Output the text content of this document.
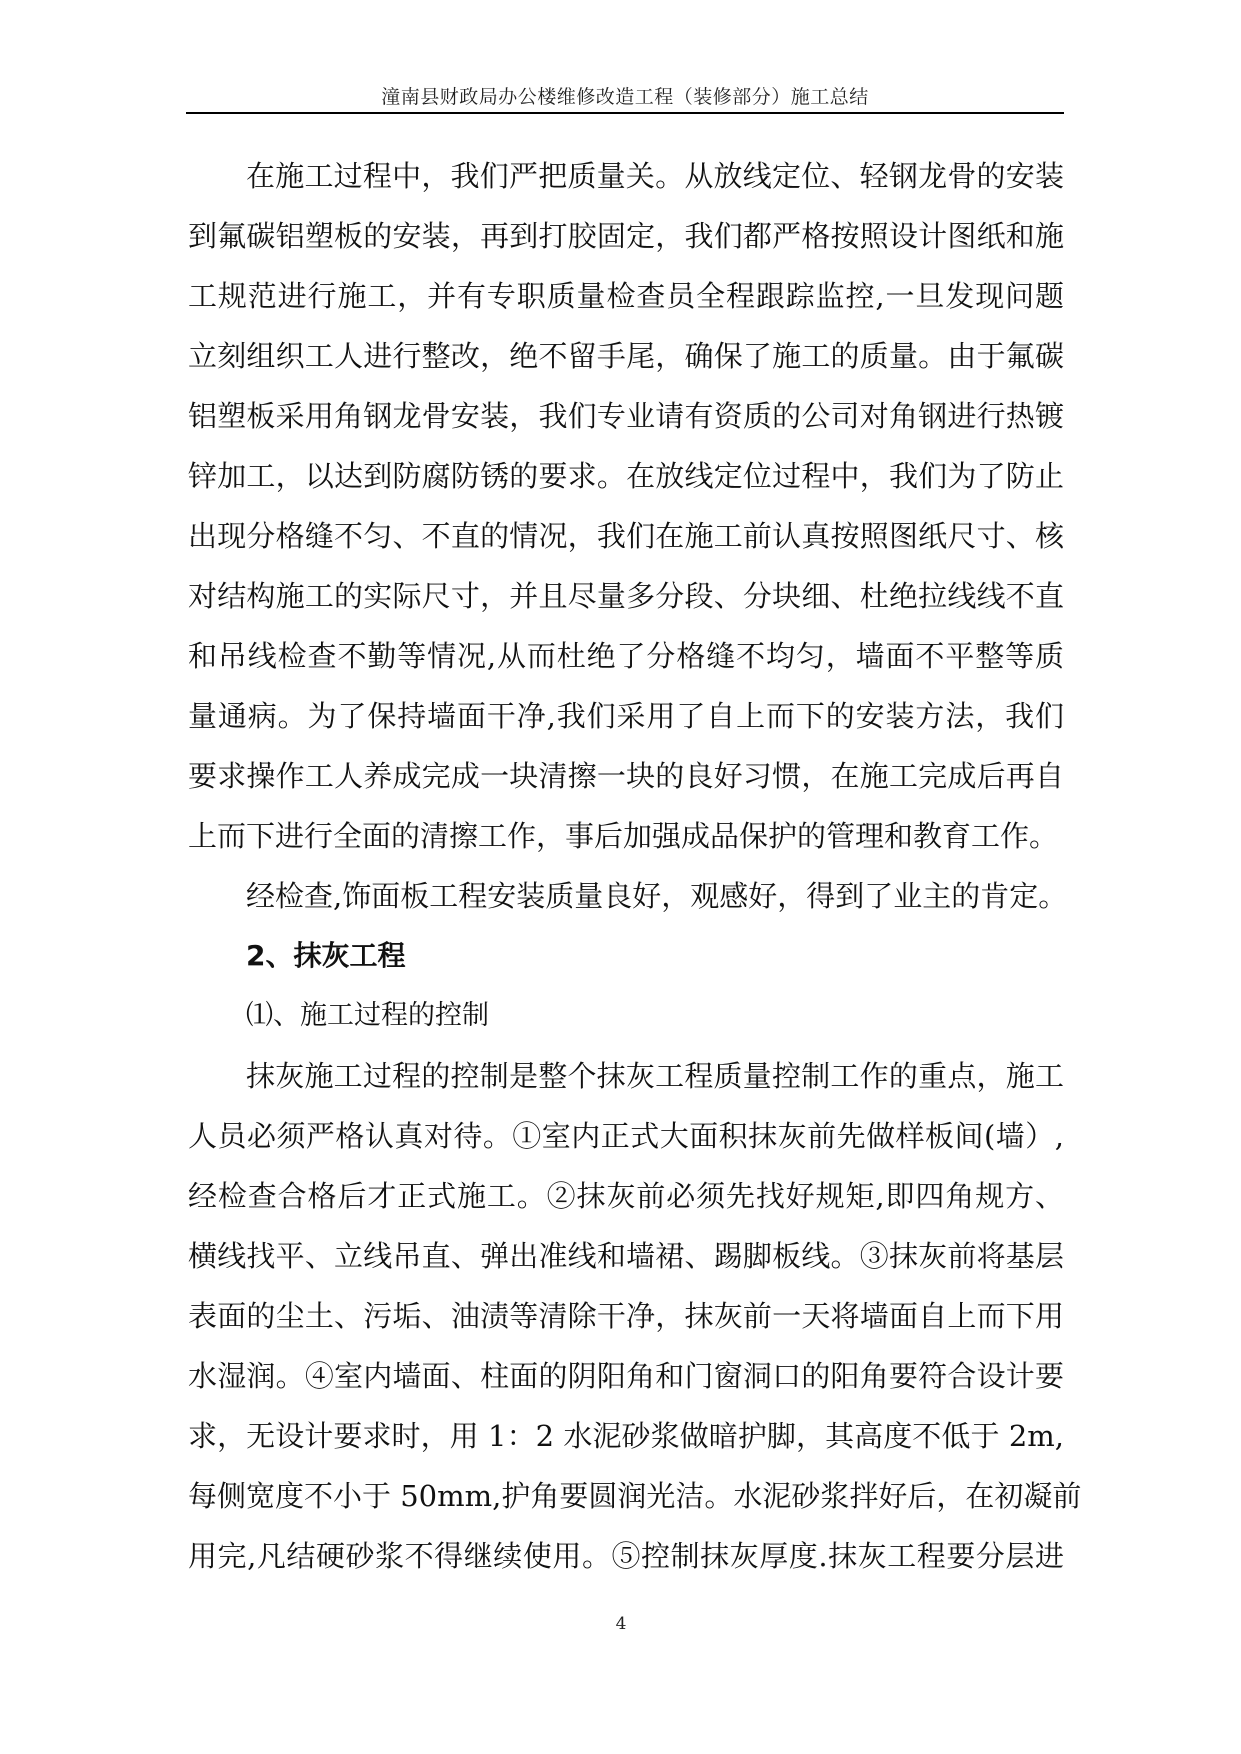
潼南县财政局办公楼维修改造工程（装修部分）施工总结
在施工过程中，我们严把质量关。从放线定位、轻钢龙骨的安装
到氟碳铝塑板的安装，再到打胶固定，我们都严格按照设计图纸和施
工规范进行施工，并有专职质量检查员全程跟踪监控,一旦发现问题
立刻组织工人进行整改，绝不留手尾，确保了施工的质量。由于氟碳
铝塑板采用角钢龙骨安装，我们专业请有资质的公司对角钢进行热镀
锌加工，以达到防腐防锈的要求。在放线定位过程中，我们为了防止
出现分格缝不匀、不直的情况，我们在施工前认真按照图纸尺寸、核
对结构施工的实际尺寸，并且尽量多分段、分块细、杜绝拉线线不直
和吊线检查不勤等情况,从而杜绝了分格缝不均匀，墙面不平整等质
量通病。为了保持墙面干净,我们采用了自上而下的安装方法，我们
要求操作工人养成完成一块清擦一块的良好习惯，在施工完成后再自
上而下进行全面的清擦工作，事后加强成品保护的管理和教育工作。
经检查,饰面板工程安装质量良好，观感好，得到了业主的肯定。
2、抹灰工程
⑴、施工过程的控制
抹灰施工过程的控制是整个抹灰工程质量控制工作的重点，施工
人员必须严格认真对待。①室内正式大面积抹灰前先做样板间(墙）,
经检查合格后才正式施工。②抹灰前必须先找好规矩,即四角规方、
横线找平、立线吊直、弹出准线和墙裙、踢脚板线。③抹灰前将基层
表面的尘土、污垢、油渍等清除干净，抹灰前一天将墙面自上而下用
水湿润。④室内墙面、柱面的阴阳角和门窗洞口的阳角要符合设计要
求，无设计要求时，用 1：2 水泥砂浆做暗护脚，其高度不低于 2m,
每侧宽度不小于 50mm,护角要圆润光洁。水泥砂浆拌好后，在初凝前
用完,凡结硬砂浆不得继续使用。⑤控制抹灰厚度.抹灰工程要分层进
4
